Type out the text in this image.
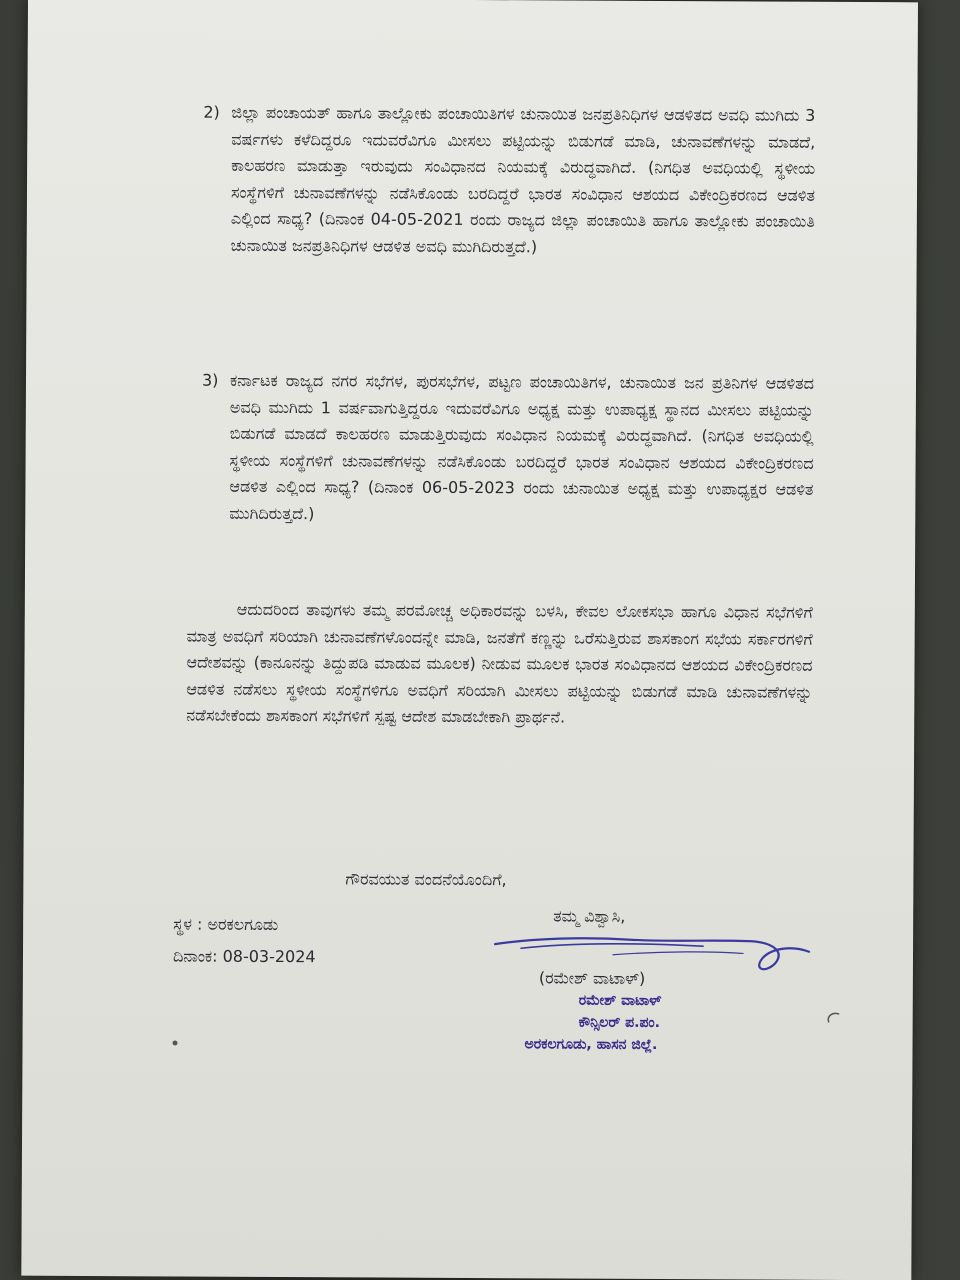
2) ಜಿಲ್ಲಾ ಪಂಚಾಯತ್ ಹಾಗೂ ತಾಲ್ಲೋಕು ಪಂಚಾಯಿತಿಗಳ ಚುನಾಯಿತ ಜನಪ್ರತಿನಿಧಿಗಳ ಆಡಳಿತದ ಅವಧಿ ಮುಗಿದು 3 ವರ್ಷಗಳು ಕಳೆದಿದ್ದರೂ ಇದುವರೆವಿಗೂ ಮೀಸಲು ಪಟ್ಟಿಯನ್ನು ಬಿಡುಗಡೆ ಮಾಡಿ, ಚುನಾವಣೆಗಳನ್ನು ಮಾಡದೆ, ಕಾಲಹರಣ ಮಾಡುತ್ತಾ ಇರುವುದು ಸಂವಿಧಾನದ ನಿಯಮಕ್ಕೆ ವಿರುದ್ಧವಾಗಿದೆ. (ನಿಗಧಿತ ಅವಧಿಯಲ್ಲಿ ಸ್ಥಳೀಯ ಸಂಸ್ಥೆಗಳಿಗೆ ಚುನಾವಣೆಗಳನ್ನು ನಡೆಸಿಕೊಂಡು ಬರದಿದ್ದರೆ ಭಾರತ ಸಂವಿಧಾನ ಆಶಯದ ವಿಕೇಂದ್ರಿಕರಣದ ಆಡಳಿತ ಎಲ್ಲಿಂದ ಸಾಧ್ಯ? (ದಿನಾಂಕ 04-05-2021 ರಂದು ರಾಜ್ಯದ ಜಿಲ್ಲಾ ಪಂಚಾಯಿತಿ ಹಾಗೂ ತಾಲ್ಲೋಕು ಪಂಚಾಯಿತಿ ಚುನಾಯಿತ ಜನಪ್ರತಿನಿಧಿಗಳ ಆಡಳಿತ ಅವಧಿ ಮುಗಿದಿರುತ್ತದೆ.)

3) ಕರ್ನಾಟಕ ರಾಜ್ಯದ ನಗರ ಸಭೆಗಳ, ಪುರಸಭೆಗಳ, ಪಟ್ಟಣ ಪಂಚಾಯಿತಿಗಳ, ಚುನಾಯಿತ ಜನ ಪ್ರತಿನಿಗಳ ಆಡಳಿತದ ಅವಧಿ ಮುಗಿದು 1 ವರ್ಷವಾಗುತ್ತಿದ್ದರೂ ಇದುವರೆವಿಗೂ ಅಧ್ಯಕ್ಷ ಮತ್ತು ಉಪಾಧ್ಯಕ್ಷ ಸ್ಥಾನದ ಮೀಸಲು ಪಟ್ಟಿಯನ್ನು ಬಿಡುಗಡೆ ಮಾಡದೆ ಕಾಲಹರಣ ಮಾಡುತ್ತಿರುವುದು ಸಂವಿಧಾನ ನಿಯಮಕ್ಕೆ ವಿರುದ್ಧವಾಗಿದೆ. (ನಿಗಧಿತ ಅವಧಿಯಲ್ಲಿ ಸ್ಥಳೀಯ ಸಂಸ್ಥೆಗಳಿಗೆ ಚುನಾವಣೆಗಳನ್ನು ನಡೆಸಿಕೊಂಡು ಬರದಿದ್ದರೆ ಭಾರತ ಸಂವಿಧಾನ ಆಶಯದ ವಿಕೇಂದ್ರಿಕರಣದ ಆಡಳಿತ ಎಲ್ಲಿಂದ ಸಾಧ್ಯ? (ದಿನಾಂಕ 06-05-2023 ರಂದು ಚುನಾಯಿತ ಅಧ್ಯಕ್ಷ ಮತ್ತು ಉಪಾಧ್ಯಕ್ಷರ ಆಡಳಿತ ಮುಗಿದಿರುತ್ತದೆ.)

ಆದುದರಿಂದ ತಾವುಗಳು ತಮ್ಮ ಪರಮೋಚ್ಚ ಅಧಿಕಾರವನ್ನು ಬಳಸಿ, ಕೇವಲ ಲೋಕಸಭಾ ಹಾಗೂ ವಿಧಾನ ಸಭೆಗಳಿಗೆ ಮಾತ್ರ ಅವಧಿಗೆ ಸರಿಯಾಗಿ ಚುನಾವಣೆಗಳೊಂದನ್ನೇ ಮಾಡಿ, ಜನತೆಗೆ ಕಣ್ಣನ್ನು ಒರೆಸುತ್ತಿರುವ ಶಾಸಕಾಂಗ ಸಭೆಯ ಸರ್ಕಾರಗಳಿಗೆ ಆದೇಶವನ್ನು (ಕಾನೂನನ್ನು ತಿದ್ದುಪಡಿ ಮಾಡುವ ಮೂಲಕ) ನೀಡುವ ಮೂಲಕ ಭಾರತ ಸಂವಿಧಾನದ ಆಶಯದ ವಿಕೇಂದ್ರಿಕರಣದ ಆಡಳಿತ ನಡೆಸಲು ಸ್ಥಳೀಯ ಸಂಸ್ಥೆಗಳಿಗೂ ಅವಧಿಗೆ ಸರಿಯಾಗಿ ಮೀಸಲು ಪಟ್ಟಿಯನ್ನು ಬಿಡುಗಡೆ ಮಾಡಿ ಚುನಾವಣೆಗಳನ್ನು ನಡೆಸಬೇಕೆಂದು ಶಾಸಕಾಂಗ ಸಭೆಗಳಿಗೆ ಸ್ಪಷ್ಟ ಆದೇಶ ಮಾಡಬೇಕಾಗಿ ಪ್ರಾರ್ಥನೆ.

ಗೌರವಯುತ ವಂದನೆಯೊಂದಿಗೆ,
ತಮ್ಮ ವಿಶ್ವಾಸಿ,
ಸ್ಥಳ : ಅರಕಲಗೂಡು
ದಿನಾಂಕ: 08-03-2024
(ರಮೇಶ್ ವಾಟಾಳ್)
ರಮೇಶ್ ವಾಟಾಳ್
ಕೌನ್ಸಿಲರ್ ಪ.ಪಂ.
ಅರಕಲಗೂಡು, ಹಾಸನ ಜಿಲ್ಲೆ.
